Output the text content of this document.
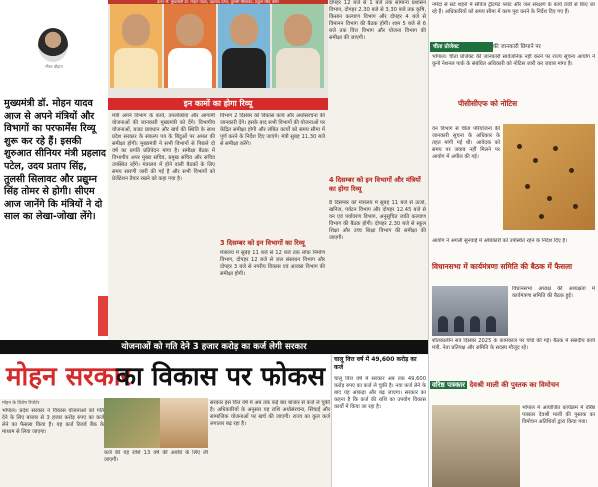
गौरव चौहान
मुख्यमंत्री डॉ. मोहन यादव आज से अपने मंत्रियों और विभागों का परफार्मेंस रिव्यू शुरू कर रहे हैं। इसकी शुरुआत सीनियर मंत्री प्रहलाद पटेल, उदय प्रताप सिंह, तुलसी सिलावट और प्रद्युम्न सिंह तोमर से होगी। सीएम आज जानेंगे कि मंत्रियों ने दो साल का लेखा-जोखा लेंगे।
ऊपर से: मुख्यमंत्री डॉ. मोहन यादव, प्रहलाद पटेल, तुलसी सिलावट, प्रद्युम्न सिंह तोमर
इन कामों का होगा रिव्यू
मंत्री अपने विभाग के कार्य, उपलब्धियां और आगामी योजनाओं की जानकारी मुख्यमंत्री को देंगे। विभागीय योजनाओं, बजट प्रावधान और खर्च की स्थिति के साथ प्रदेश सरकार के संकल्प पत्र के बिंदुओं पर अमल की समीक्षा होगी। मुख्यमंत्री ने सभी विभागों से पिछले दो वर्ष का प्रगति प्रतिवेदन मांगा है। समीक्षा बैठक में विभागीय अपर मुख्य सचिव, प्रमुख सचिव और सचिव उपस्थित रहेंगे। मंत्रालय में होने वाली बैठकों के लिए समय सारणी जारी की गई है और सभी विभागों को प्रेजेंटेशन तैयार रखने को कहा गया है।
विभाग 2 दिसंबर को विकास कार्य और अधोसंरचना की जानकारी देंगे। इसके बाद सभी विभागों की योजनाओं पर केंद्रित समीक्षा होगी और लंबित कार्यों को समय सीमा में पूर्ण करने के निर्देश दिए जाएंगे। मंत्री सुबह 11.30 बजे से समीक्षा करेंगे।
3 दिसम्बर को इन विभागों का रिव्यू
मंत्रालय में सुबह 11 बजे से 12 बजे तक लोक निर्माण विभाग, दोपहर 12 बजे से जल संसाधन विभाग और दोपहर 3 बजे से नगरीय विकास एवं आवास विभाग की समीक्षा होगी।
दोपहर 12 बजे से 1 बजे तक सामान्य प्रशासन विभाग, दोपहर 2.30 बजे से 3.30 बजे तक कृषि, किसान कल्याण विभाग और दोपहर 4 बजे से विमानन विभाग की बैठक होगी। शाम 5 बजे से 6 बजे तक वित्त विभाग और योजना विभाग की समीक्षा की जाएगी।
4 दिसम्बर को इन विभागों और मंत्रियों का होगा रिव्यू
8 दिसम्बर को मंत्रालय में सुबह 11 बजे से ऊर्जा, खनिज, पर्यटन विभाग और दोपहर 12.45 बजे से वन एवं पर्यावरण विभाग, अनुसूचित जाति कल्याण विभाग की बैठक होगी। दोपहर 2.30 बजे से स्कूल शिक्षा और उच्च शिक्षा विभाग की समीक्षा की जाएगी।
नर्मदा से सटे शहरों में सीवेज ट्रीटमेंट प्लांट और जल संरक्षण के कार्य तेजी से किए जा रहे हैं। अधिकारियों को समय सीमा में काम पूरा करने के निर्देश दिए गए हैं।
चीता प्रोजेक्ट	की जानकारी छिपाने पर
भोपाल। चीता प्रोजेक्ट की जानकारी सार्वजनिक नहीं करने पर राज्य सूचना आयोग ने कूनो नेशनल पार्क के संबंधित अधिकारी को नोटिस जारी कर जवाब मांगा है।
पीसीसीएफ को नोटिस
वन विभाग से चीता परियोजना की जानकारी सूचना के अधिकार के तहत मांगी गई थी। आवेदक को समय पर जवाब नहीं मिलने पर आयोग में अपील की गई।
आयोग ने अगली सुनवाई में अधिकारी को उपस्थित रहने के निर्देश दिए हैं।
विधानसभा में कार्यमंत्रणा समिति की बैठक में फैसला
विधानसभा अध्यक्ष की अध्यक्षता में कार्यमंत्रणा समिति की बैठक हुई।
शीतकालीन सत्र दिसंबर 2025 के कामकाज पर चर्चा की गई। बैठक में संसदीय कार्य मंत्री, नेता प्रतिपक्ष और समिति के सदस्य मौजूद रहे।
वरिष्ठ पत्रकार देवश्री माली की पुस्तक का विमोचन
भोपाल में आयोजित कार्यक्रम में वरिष्ठ पत्रकार देवश्री माली की पुस्तक का विमोचन अतिथियों द्वारा किया गया।
योजनाओं को गति देने 3 हजार करोड़ का कर्ज लेगी सरकार
मोहन सरकार
का विकास पर फोकस
चालू वित्त वर्ष में 49,600 करोड़ का कर्ज
चालू वित्त वर्ष में सरकार अब तक 49,600 करोड़ रुपए का कर्ज ले चुकी है। नया कर्ज लेने के बाद यह आंकड़ा और बढ़ जाएगा। सरकार का कहना है कि कर्ज की राशि का उपयोग विकास कार्यों में किया जा रहा है।
मोहन के विशेष रिपोर्टर
भोपाल। प्रदेश सरकार ने विकास योजनाओं को गति देने के लिए बाजार से 3 हजार करोड़ रुपए का कर्ज लेने का फैसला किया है। यह कर्ज रिजर्व बैंक के माध्यम से लिया जाएगा।
कर्ज की यह राशि 13 वर्ष की अवधि के लिए ली जाएगी।
सरकार इस वित्त वर्ष में अब तक कई बार बाजार से कर्ज ले चुकी है। अधिकारियों के अनुसार यह राशि अधोसंरचना, सिंचाई और सामाजिक योजनाओं पर खर्च की जाएगी। राज्य का कुल कर्ज लगातार बढ़ रहा है।
